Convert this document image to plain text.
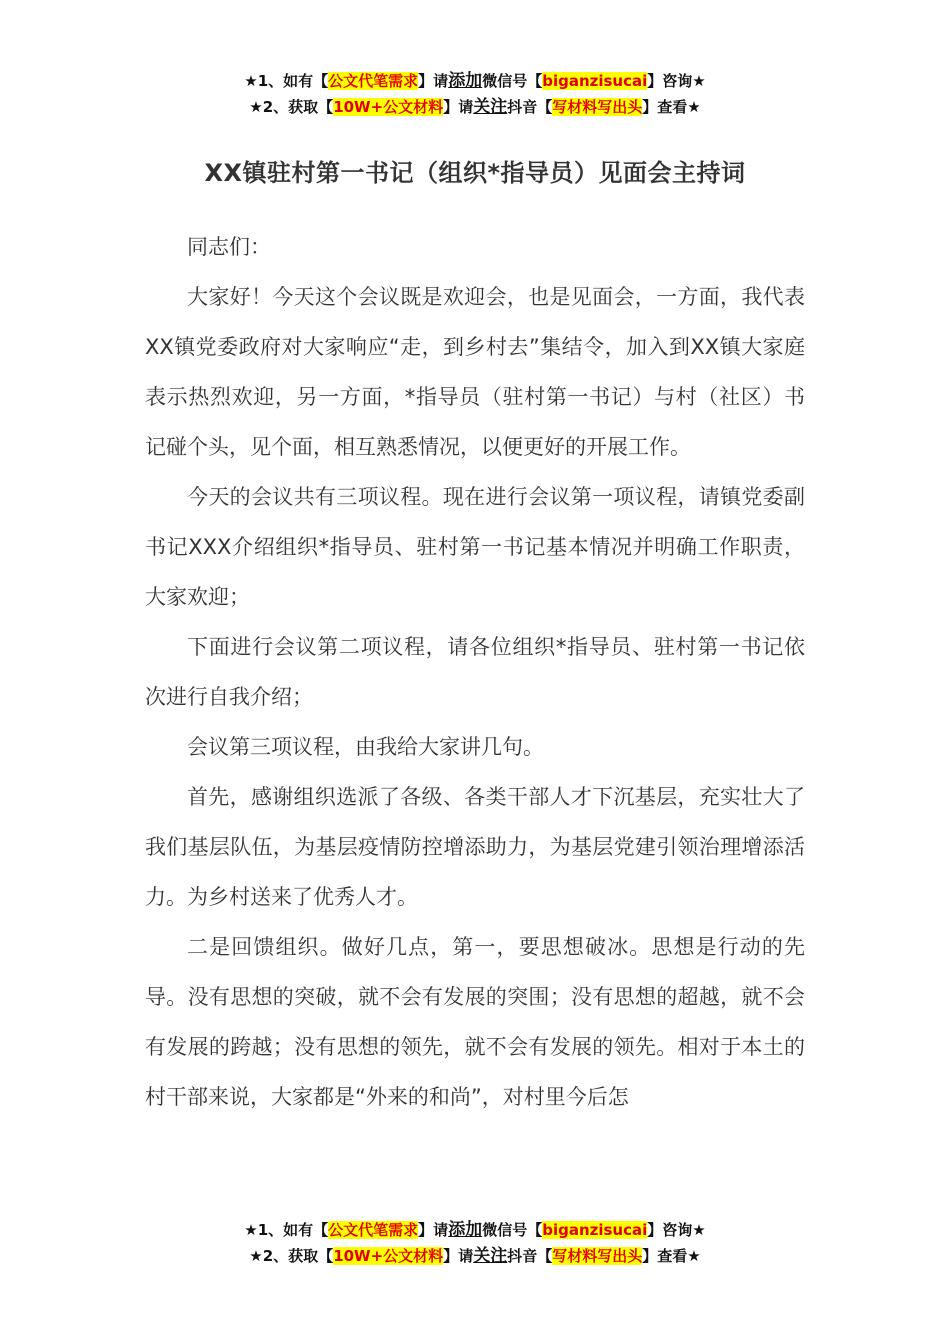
★1、如有【公文代笔需求】请添加微信号【biganzisucai】咨询★
★2、获取【10W+公文材料】请关注抖音【写材料写出头】查看★
XX镇驻村第一书记（组织*指导员）见面会主持词

同志们：

大家好！今天这个会议既是欢迎会，也是见面会，一方面，我代表XX镇党委政府对大家响应“走，到乡村去”集结令，加入到XX镇大家庭表示热烈欢迎，另一方面，*指导员（驻村第一书记）与村（社区）书记碰个头，见个面，相互熟悉情况，以便更好的开展工作。

今天的会议共有三项议程。现在进行会议第一项议程，请镇党委副书记XXX介绍组织*指导员、驻村第一书记基本情况并明确工作职责，大家欢迎；

下面进行会议第二项议程，请各位组织*指导员、驻村第一书记依次进行自我介绍；

会议第三项议程，由我给大家讲几句。

首先，感谢组织选派了各级、各类干部人才下沉基层，充实壮大了我们基层队伍，为基层疫情防控增添助力，为基层党建引领治理增添活力。为乡村送来了优秀人才。

二是回馈组织。做好几点，第一，要思想破冰。思想是行动的先导。没有思想的突破，就不会有发展的突围；没有思想的超越，就不会有发展的跨越；没有思想的领先，就不会有发展的领先。相对于本土的村干部来说，大家都是“外来的和尚”，对村里今后怎

★1、如有【公文代笔需求】请添加微信号【biganzisucai】咨询★
★2、获取【10W+公文材料】请关注抖音【写材料写出头】查看★
